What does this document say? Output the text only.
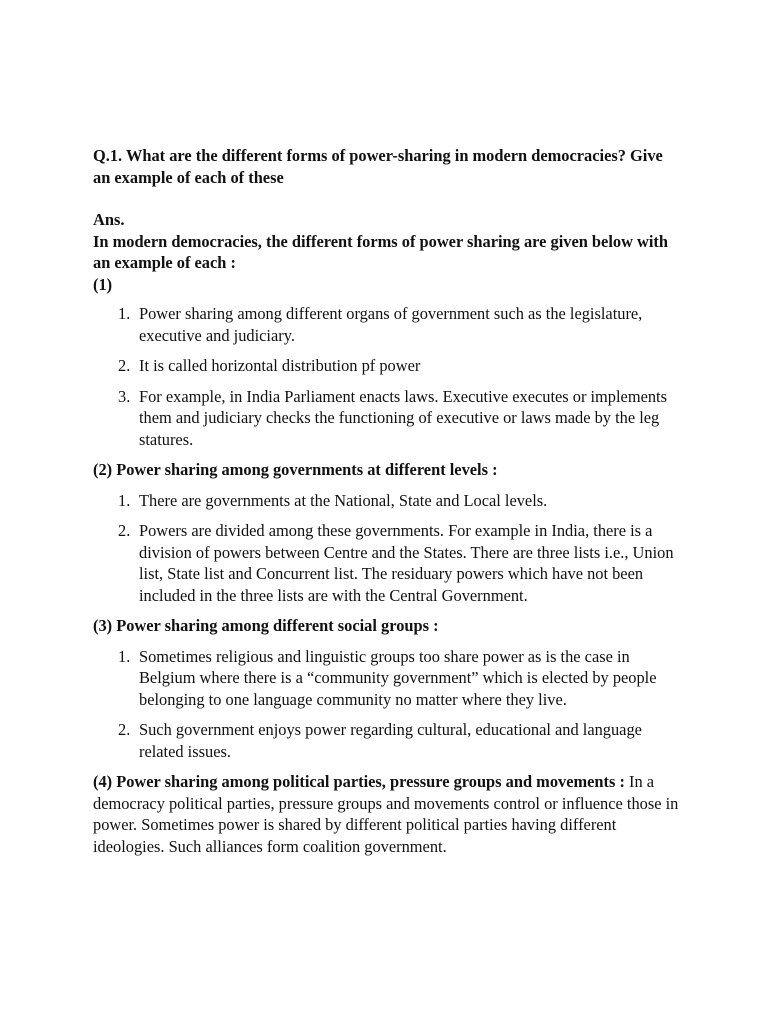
Q.1. What are the different forms of power-sharing in modern democracies? Give an example of each of these

Ans.

In modern democracies, the different forms of power sharing are given below with an example of each :

(1)

1. Power sharing among different organs of government such as the legislature, executive and judiciary.
2. It is called horizontal distribution pf power
3. For example, in India Parliament enacts laws. Executive executes or implements them and judiciary checks the functioning of executive or laws made by the leg statures.

(2) Power sharing among governments at different levels :

1. There are governments at the National, State and Local levels.
2. Powers are divided among these governments. For example in India, there is a division of powers between Centre and the States. There are three lists i.e., Union list, State list and Concurrent list. The residuary powers which have not been included in the three lists are with the Central Government.

(3) Power sharing among different social groups :

1. Sometimes religious and linguistic groups too share power as is the case in Belgium where there is a “community government” which is elected by people belonging to one language community no matter where they live.
2. Such government enjoys power regarding cultural, educational and language related issues.

(4) Power sharing among political parties, pressure groups and movements : In a democracy political parties, pressure groups and movements control or influence those in power. Sometimes power is shared by different political parties having different ideologies. Such alliances form coalition government.
